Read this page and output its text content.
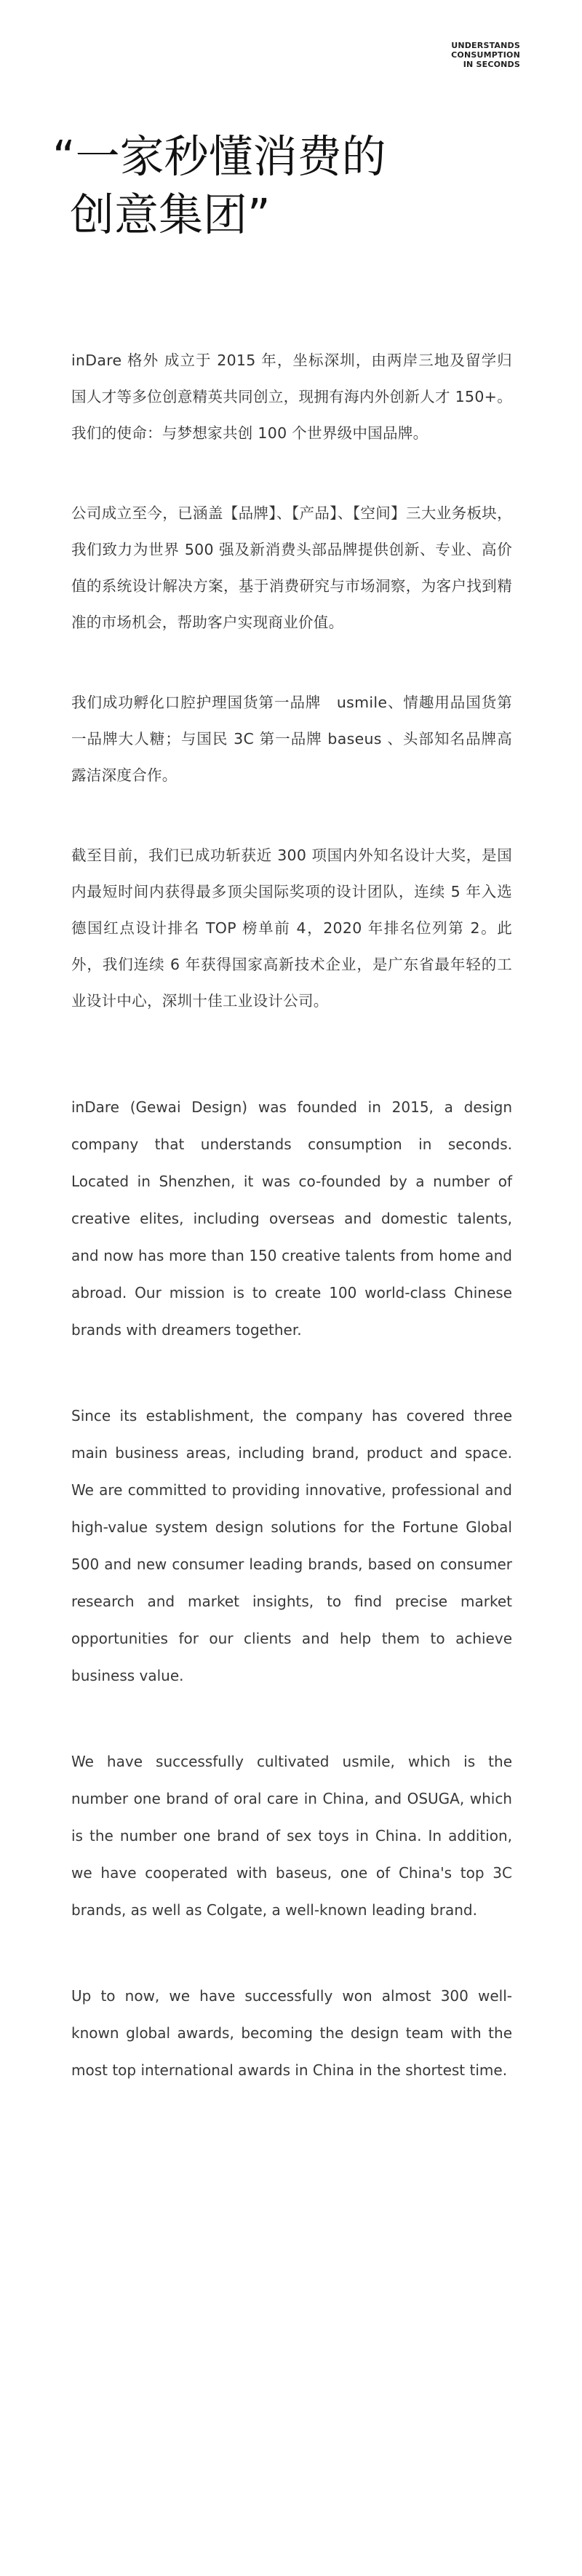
UNDERSTANDS
CONSUMPTION
IN SECONDS
“一家秒懂消费的
创意集团”

inDare 格外 成立于 2015 年，坐标深圳，由两岸三地及留学归国人才等多位创意精英共同创立，现拥有海内外创新人才 150+。我们的使命：与梦想家共创 100 个世界级中国品牌。

公司成立至今，已涵盖【品牌】、【产品】、【空间】三大业务板块，我们致力为世界 500 强及新消费头部品牌提供创新、专业、高价值的系统设计解决方案，基于消费研究与市场洞察，为客户找到精准的市场机会，帮助客户实现商业价值。

我们成功孵化口腔护理国货第一品牌　usmile、情趣用品国货第一品牌大人糖；与国民 3C 第一品牌 baseus 、头部知名品牌高露洁深度合作。

截至目前，我们已成功斩获近 300 项国内外知名设计大奖，是国内最短时间内获得最多顶尖国际奖项的设计团队，连续 5 年入选德国红点设计排名 TOP 榜单前 4，2020 年排名位列第 2。此外，我们连续 6 年获得国家高新技术企业，是广东省最年轻的工业设计中心，深圳十佳工业设计公司。

inDare (Gewai Design) was founded in 2015, a design company that understands consumption in seconds. Located in Shenzhen, it was co-founded by a number of creative elites, including overseas and domestic talents, and now has more than 150 creative talents from home and abroad. Our mission is to create 100 world-class Chinese brands with dreamers together.

Since its establishment, the company has covered three main business areas, including brand, product and space. We are committed to providing innovative, professional and high-value system design solutions for the Fortune Global 500 and new consumer leading brands, based on consumer research and market insights, to find precise market opportunities for our clients and help them to achieve business value.

We have successfully cultivated usmile, which is the number one brand of oral care in China, and OSUGA, which is the number one brand of sex toys in China. In addition, we have cooperated with baseus, one of China's top 3C brands, as well as Colgate, a well-known leading brand.

Up to now, we have successfully won almost 300 well-known global awards, becoming the design team with the most top international awards in China in the shortest time.
